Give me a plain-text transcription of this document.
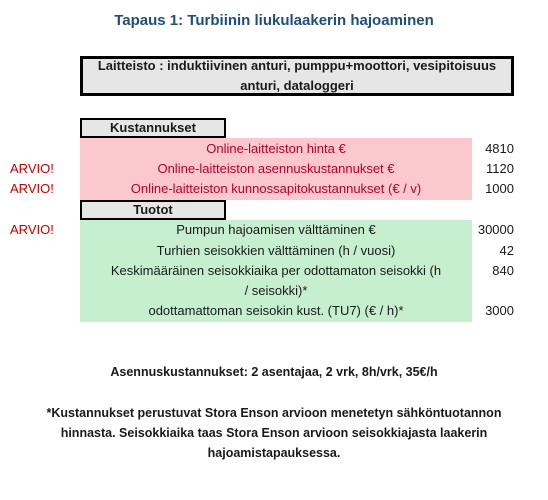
Tapaus 1: Turbiinin liukulaakerin hajoaminen
Laitteisto : induktiivinen anturi, pumppu+moottori, vesipitoisuus anturi, dataloggeri
Kustannukset
Online-laitteiston hinta €	4810
ARVIO!	Online-laitteiston asennuskustannukset €	1120
ARVIO!	Online-laitteiston kunnossapitokustannukset (€ / v)	1000
Tuotot
ARVIO!	Pumpun hajoamisen välttäminen €	30000
Turhien seisokkien välttäminen (h / vuosi)	42
Keskimääräinen seisokkiaika per odottamaton seisokki (h	840
/ seisokki)*
odottamattoman seisokin kust. (TU7) (€ / h)*	3000
Asennuskustannukset: 2 asentajaa, 2 vrk, 8h/vrk, 35€/h
*Kustannukset perustuvat Stora Enson arvioon menetetyn sähköntuotannon
hinnasta. Seisokkiaika taas Stora Enson arvioon seisokkiajasta laakerin
hajoamistapauksessa.
